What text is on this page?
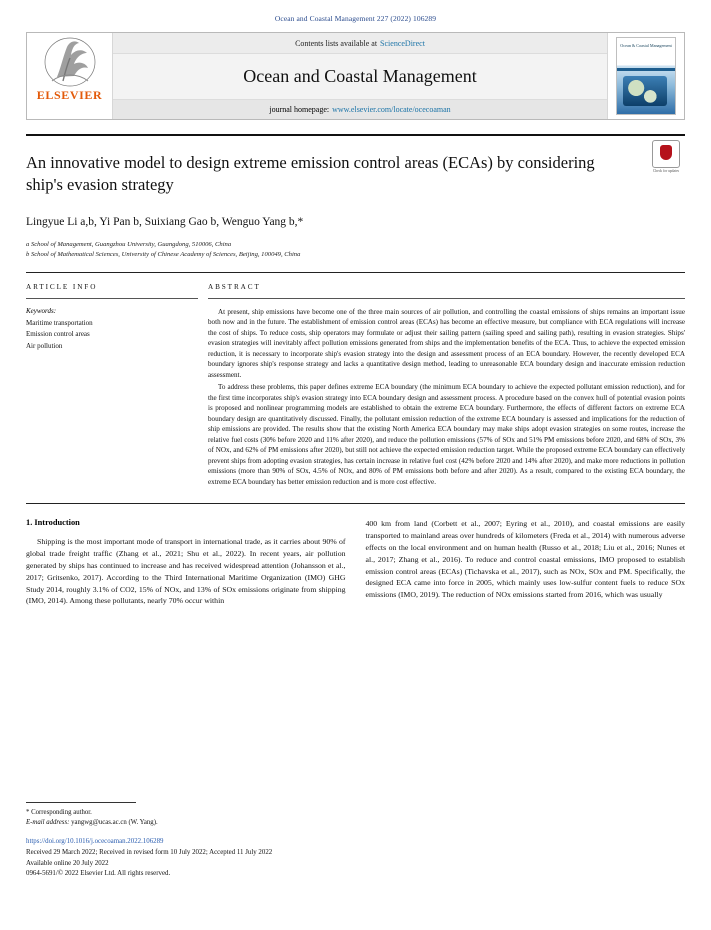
Ocean and Coastal Management 227 (2022) 106289
ELSEVIER
Contents lists available at ScienceDirect
Ocean and Coastal Management
journal homepage: www.elsevier.com/locate/ocecoaman
Ocean & Coastal Management
An innovative model to design extreme emission control areas (ECAs) by considering ship's evasion strategy
Check for updates
Lingyue Li a,b, Yi Pan b, Suixiang Gao b, Wenguo Yang b,*
a School of Management, Guangzhou University, Guangdong, 510006, China
b School of Mathematical Sciences, University of Chinese Academy of Sciences, Beijing, 100049, China
ARTICLE INFO
Keywords:
Maritime transportation
Emission control areas
Air pollution
ABSTRACT

At present, ship emissions have become one of the three main sources of air pollution, and controlling the coastal emissions of ships remains an important issue both now and in the future. The establishment of emission control areas (ECAs) has become an effective measure, but compliance with ECA regulations will increase the cost of ships. To reduce costs, ship operators may formulate or adjust their sailing pattern (sailing speed and sailing path), resulting in evasion strategies. Ships' evasion strategies will inevitably affect pollution emissions generated from ships and the implementation benefits of the ECA. Thus, to achieve the expected emission reduction, it is necessary to incorporate ship's evasion strategy into the design and assessment process of an ECA boundary. However, the recently developed ECA boundary ignores ship's response strategy and lacks a quantitative design method, leading to unreasonable ECA boundary design and inaccurate emission reduction assessment.

To address these problems, this paper defines extreme ECA boundary (the minimum ECA boundary to achieve the expected pollutant emission reduction), and for the first time incorporates ship's evasion strategy into ECA boundary design and assessment process. A procedure based on the convex hull of potential evasion points is proposed and nonlinear programming models are established to obtain the extreme ECA boundary. Furthermore, the effects of different factors on extreme ECA boundary design are quantitatively discussed. Finally, the pollutant emission reduction of the extreme ECA boundary is assessed and implications for the reduction of ship emissions are provided. The results show that the existing North America ECA boundary may make ships adopt evasion strategies on some routes, increase the relative fuel costs (30% before 2020 and 11% after 2020), and reduce the pollution emissions (57% of SOx and 51% PM emissions before 2020, and 68% of SOx, 3% of NOx, and 62% of PM emissions after 2020), but still not achieve the expected emission reduction target. While the proposed extreme ECA boundary can effectively prevent ships from adopting evasion strategies, has certain increase in relative fuel cost (42% before 2020 and 14% after 2020), and make more reductions in pollution emissions (more than 90% of SOx, 4.5% of NOx, and 80% of PM emissions both before and after 2020). As a result, compared to the existing ECA boundary, the extreme ECA boundary has better emission reduction and is more cost effective.

1. Introduction

Shipping is the most important mode of transport in international trade, as it carries about 90% of global trade freight traffic (Zhang et al., 2021; Shu et al., 2022). In recent years, air pollution generated by ships has continued to increase and has received widespread attention (Johansson et al., 2017; Gritsenko, 2017). According to the Third International Maritime Organization (IMO) GHG Study 2014, roughly 3.1% of CO2, 15% of NOx, and 13% of SOx emissions originate from shipping (IMO, 2014). Among these pollutants, nearly 70% occur within

400 km from land (Corbett et al., 2007; Eyring et al., 2010), and coastal emissions are easily transported to mainland areas over hundreds of kilometers (Freda et al., 2014) with numerous adverse effects on the local environment and on human health (Russo et al., 2018; Liu et al., 2016; Nunes et al., 2017; Zhang et al., 2016). To reduce and control coastal emissions, IMO proposed to establish emission control areas (ECAs) (Tichavska et al., 2017), such as NOx, SOx and PM. Specifically, the designed ECA came into force in 2005, which mainly uses low-sulfur content fuels to reduce SOx emissions (IMO, 2019). The reduction of NOx emissions started from 2016, which was usually

* Corresponding author.
E-mail address: yangwg@ucas.ac.cn (W. Yang).
https://doi.org/10.1016/j.ocecoaman.2022.106289
Received 29 March 2022; Received in revised form 10 July 2022; Accepted 11 July 2022
Available online 20 July 2022
0964-5691/© 2022 Elsevier Ltd. All rights reserved.
